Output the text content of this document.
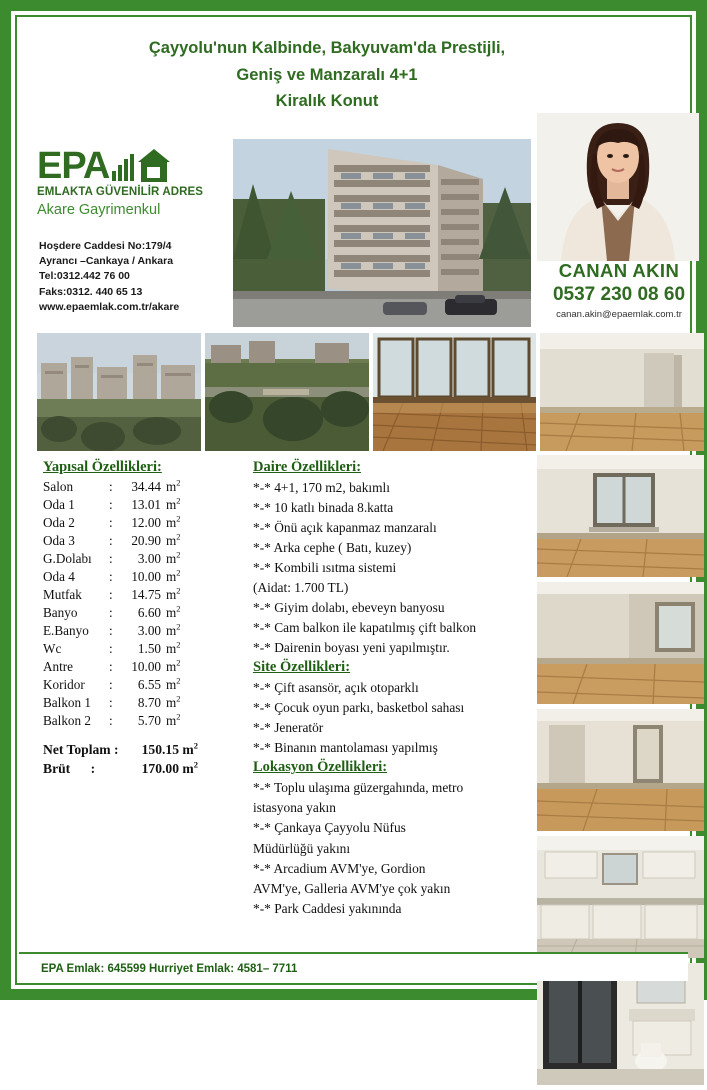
Çayyolu'nun Kalbinde, Bakyuvam'da Prestijli,
Geniş ve Manzaralı 4+1
Kiralık Konut
EPA
EMLAKTA GÜVENİLİR ADRES
Akare Gayrimenkul
Hoşdere Caddesi No:179/4
Ayrancı –Cankaya / Ankara
Tel:0312.442 76 00
Faks:0312. 440 65 13
www.epaemlak.com.tr/akare
CANAN AKIN
0537 230 08 60
canan.akin@epaemlak.com.tr
Yapısal Özellikleri:
Salon	: 34.44 $m^2$
Oda 1	: 13.01 $m^2$
Oda 2	: 12.00 $m^2$
Oda 3	: 20.90 $m^2$
G.Dolabı : 3.00 $m^2$
Oda 4	: 10.00 $m^2$
Mutfak : 14.75 $m^2$
Banyo : 6.60 $m^2$
E.Banyo : 3.00 $m^2$
Wc	: 1.50 $m^2$
Antre	: 10.00 $m^2$
Koridor : 6.55 $m^2$
Balkon 1 : 8.70 $m^2$
Balkon 2 : 5.70 $m^2$
Net Toplam : 150.15 $m^2$
Brüt :	170.00 $m^2$
Daire Özellikleri:
*-* 4+1, 170 m2, bakımlı
*-* 10 katlı binada 8.katta
*-* Önü açık kapanmaz manzaralı
*-* Arka cephe ( Batı, kuzey)
*-* Kombili ısıtma sistemi
(Aidat: 1.700 TL)
*-* Giyim dolabı, ebeveyn banyosu
*-* Cam balkon ile kapatılmış çift balkon
*-* Dairenin boyası yeni yapılmıştır.
Site Özellikleri:
*-* Çift asansör, açık otoparklı
*-* Çocuk oyun parkı, basketbol sahası
*-* Jeneratör
*-* Binanın mantolaması yapılmış
Lokasyon Özellikleri:
*-* Toplu ulaşıma güzergahında, metro
istasyona yakın
*-* Çankaya Çayyolu Nüfus
Müdürlüğü yakını
*-* Arcadium AVM'ye, Gordion
AVM'ye, Galleria AVM'ye çok yakın
*-* Park Caddesi yakınında
EPA Emlak: 645599 Hurriyet Emlak: 4581– 7711
